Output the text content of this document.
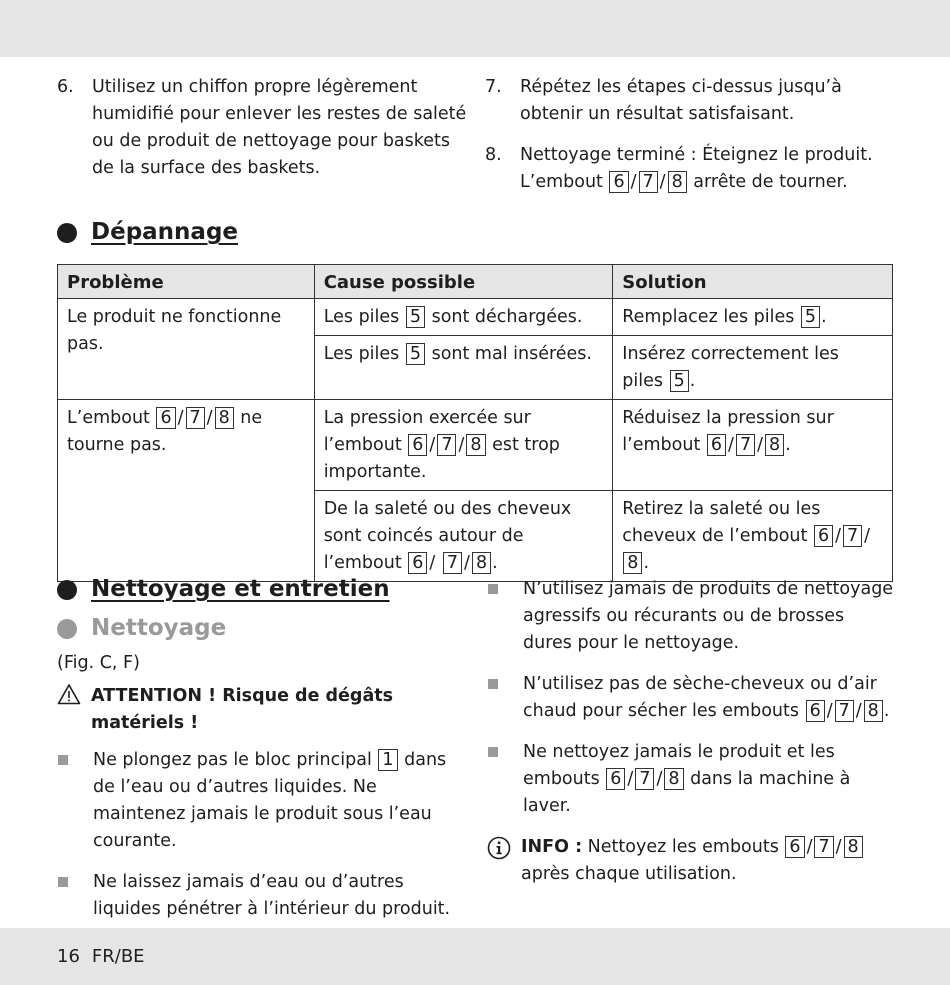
6.	Utilisez un chiffon propre légèrement humidifié pour enlever les restes de saleté ou de produit de nettoyage pour baskets de la surface des baskets.
7.	Répétez les étapes ci-dessus jusqu’à obtenir un résultat satisfaisant.
8.	Nettoyage terminé : Éteignez le produit. L’embout 6 / 7 / 8 arrête de tourner.
Dépannage
Problème	Cause possible	Solution
Le produit ne fonctionne pas.	Les piles 5 sont déchargées.	Remplacez les piles 5 .
	Les piles 5 sont mal insérées.	Insérez correctement les piles 5 .
L’embout 6 / 7 / 8 ne tourne pas.	La pression exercée sur l’embout 6 / 7 / 8 est trop importante.	Réduisez la pression sur l’embout 6 / 7 / 8 .
	De la saleté ou des cheveux sont coincés autour de l’embout 6 / 7 / 8 .	Retirez la saleté ou les cheveux de l’embout 6 / 7 / 8 .
Nettoyage et entretien
Nettoyage
(Fig. C, F)
ATTENTION ! Risque de dégâts matériels !
Ne plongez pas le bloc principal 1 dans de l’eau ou d’autres liquides. Ne maintenez jamais le produit sous l’eau courante.
Ne laissez jamais d’eau ou d’autres liquides pénétrer à l’intérieur du produit.
N’utilisez jamais de produits de nettoyage agressifs ou récurants ou de brosses dures pour le nettoyage.
N’utilisez pas de sèche-cheveux ou d’air chaud pour sécher les embouts 6 / 7 / 8 .
Ne nettoyez jamais le produit et les embouts 6 / 7 / 8 dans la machine à laver.
INFO : Nettoyez les embouts 6 / 7 / 8 après chaque utilisation.
16 FR/BE
